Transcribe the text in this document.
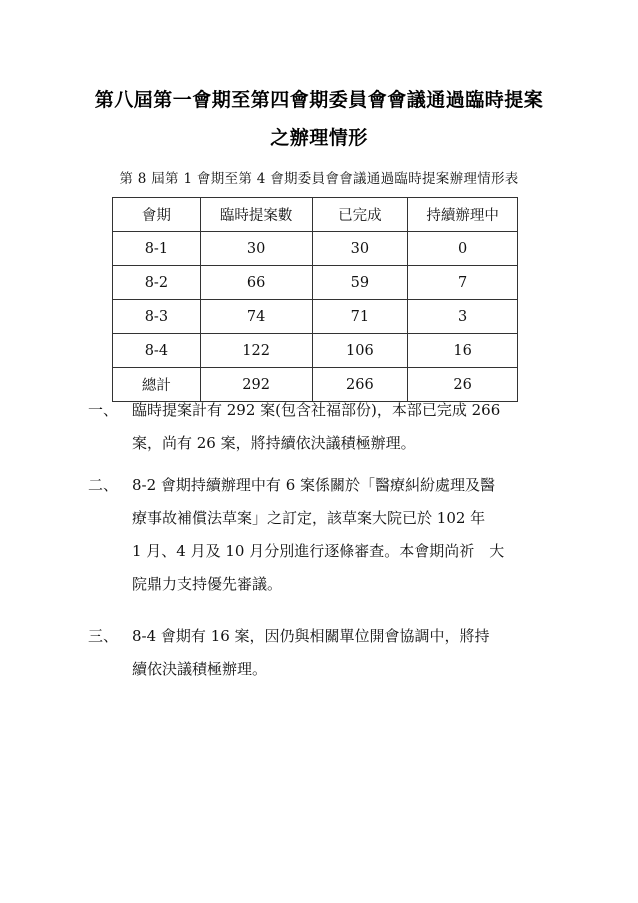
第八屆第一會期至第四會期委員會會議通過臨時提案
之辦理情形
第 8 屆第 1 會期至第 4 會期委員會會議通過臨時提案辦理情形表
會期	臨時提案數	已完成	持續辦理中
8-1	30	30	0
8-2	66	59	7
8-3	74	71	3
8-4	122	106	16
總計	292	266	26
一、 臨時提案計有 292 案(包含社福部份)，本部已完成 266
案，尚有 26 案，將持續依決議積極辦理。
二、 8-2 會期持續辦理中有 6 案係關於「醫療糾紛處理及醫
療事故補償法草案」之訂定，該草案大院已於 102 年
1 月、4 月及 10 月分別進行逐條審查。本會期尚祈　大
院鼎力支持優先審議。
三、 8-4 會期有 16 案，因仍與相關單位開會協調中，將持
續依決議積極辦理。
